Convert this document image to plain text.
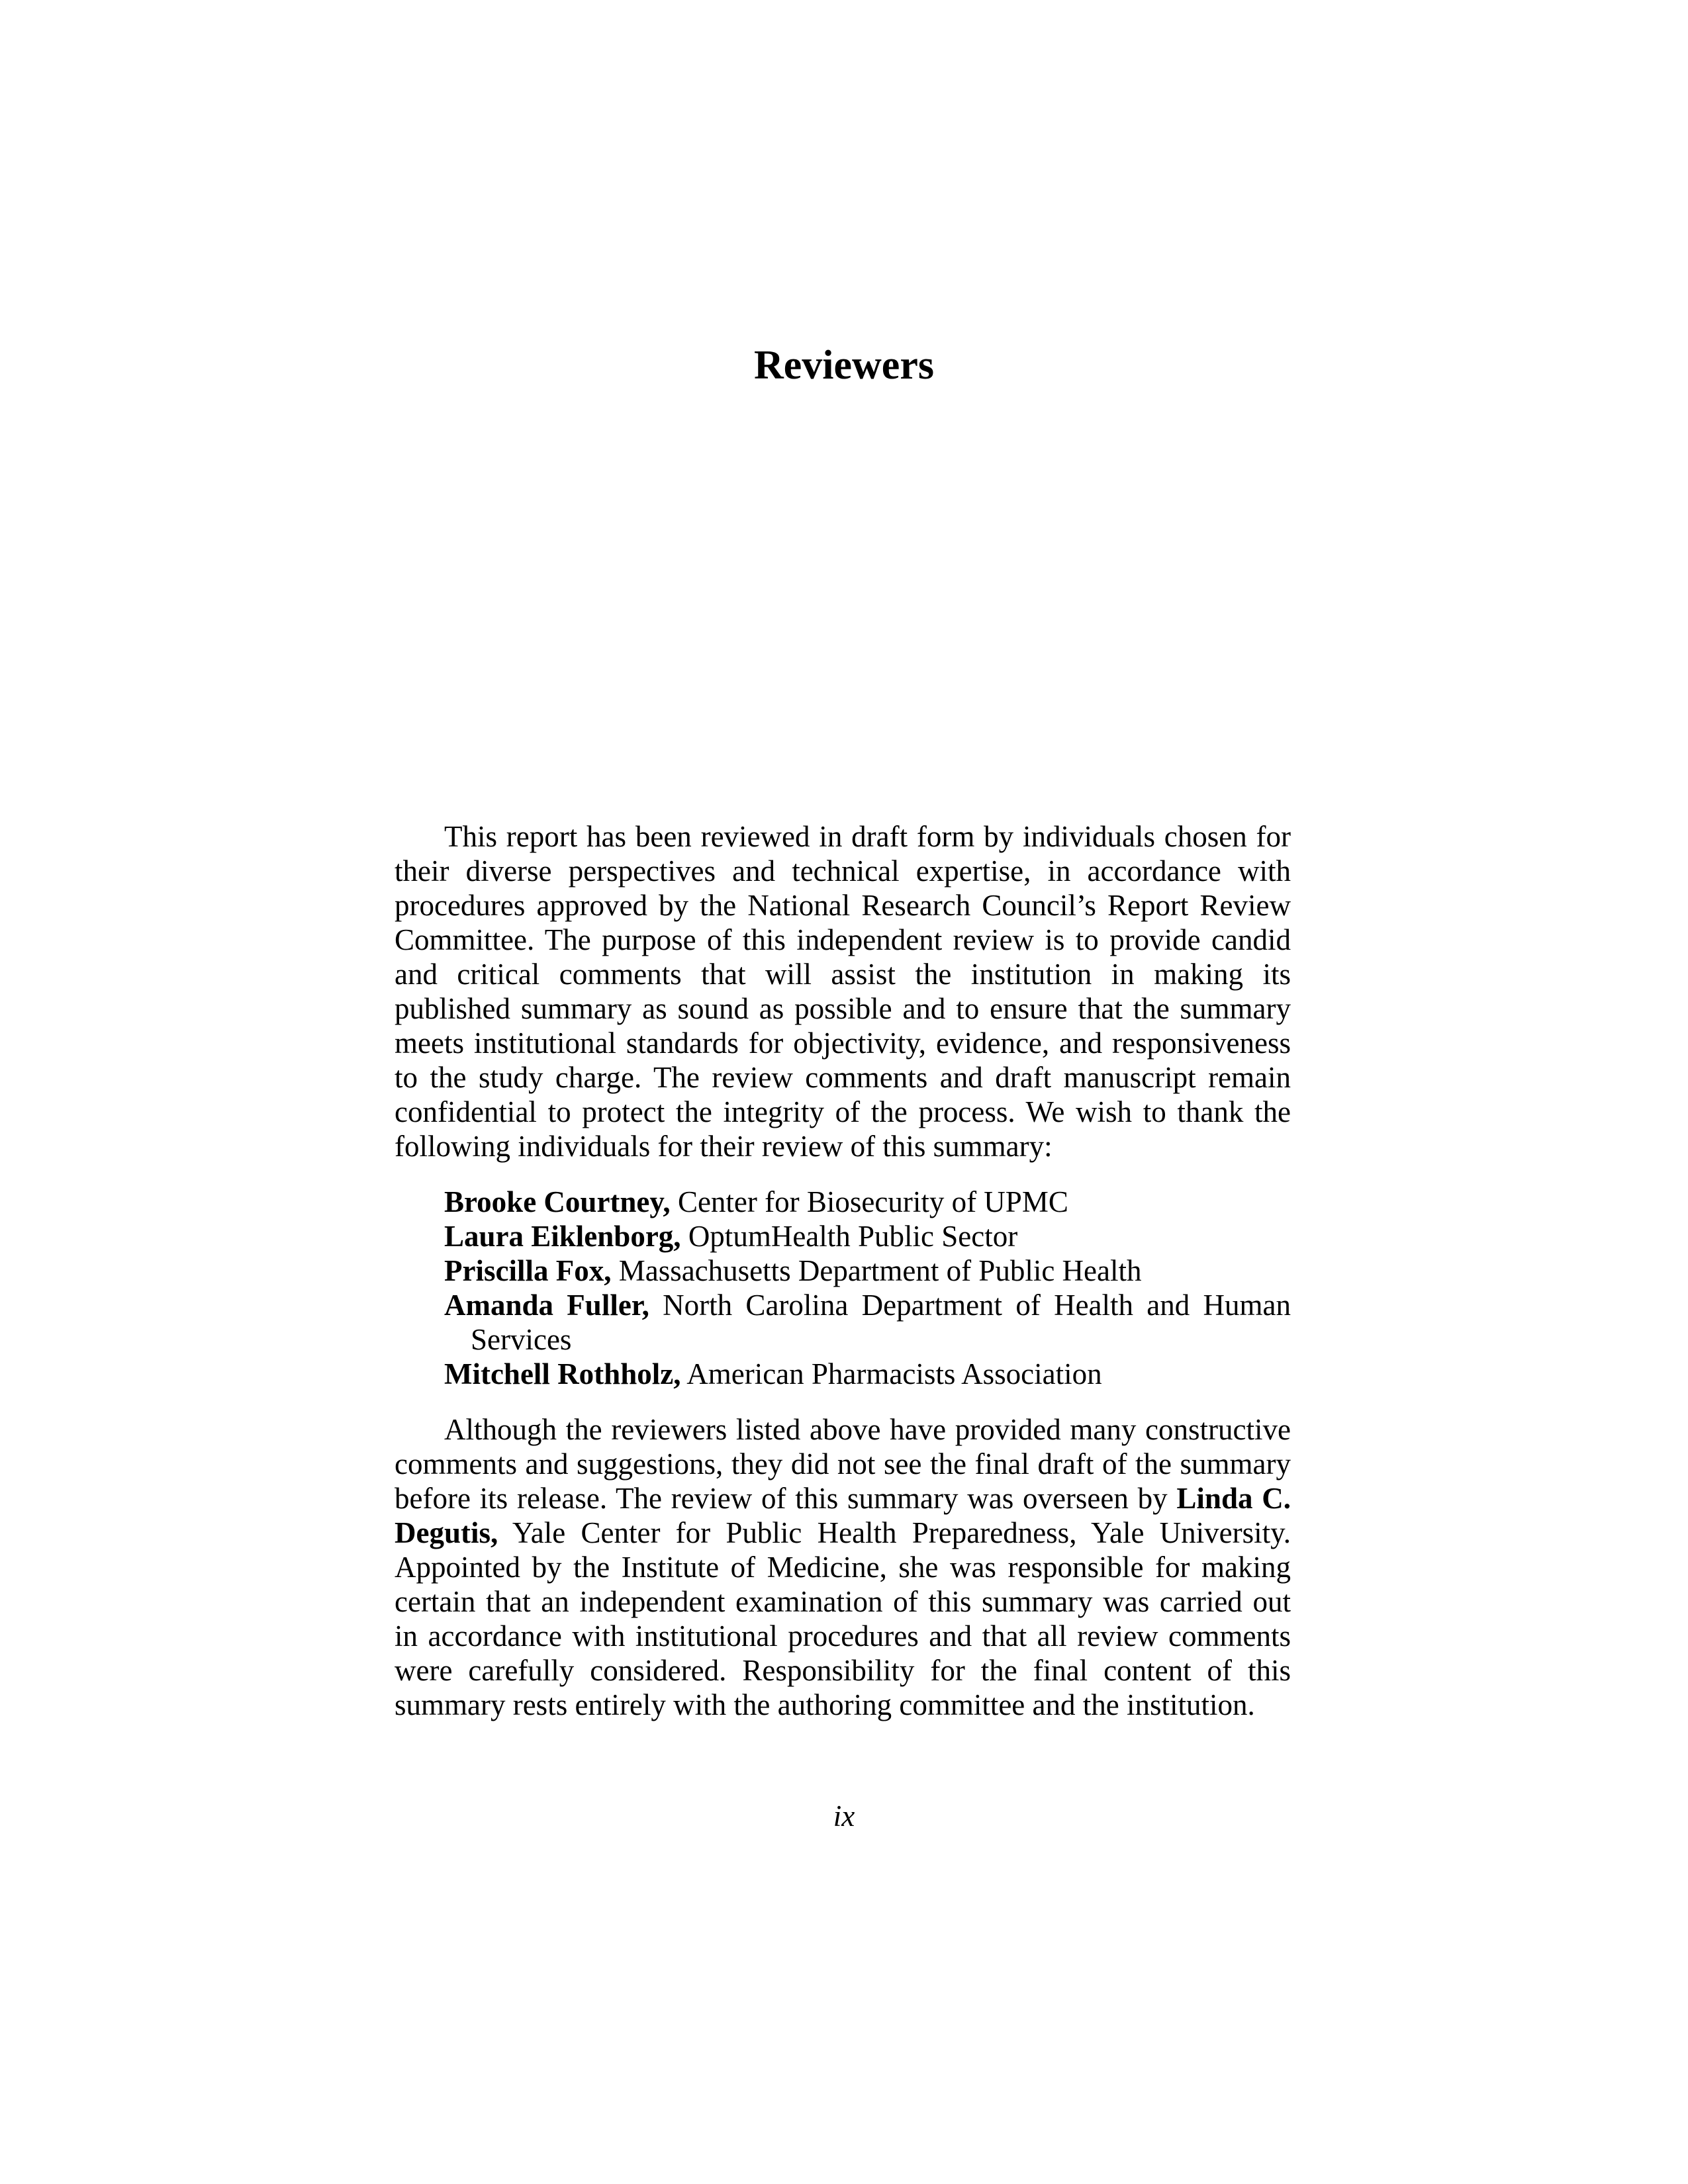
Reviewers

This report has been reviewed in draft form by individuals chosen for their diverse perspectives and technical expertise, in accordance with procedures approved by the National Research Council’s Report Review Committee. The purpose of this independent review is to provide candid and critical comments that will assist the institution in making its published summary as sound as possible and to ensure that the summary meets institutional standards for objectivity, evidence, and responsiveness to the study charge. The review comments and draft manuscript remain confidential to protect the integrity of the process. We wish to thank the following individuals for their review of this summary:

Brooke Courtney, Center for Biosecurity of UPMC
Laura Eiklenborg, OptumHealth Public Sector
Priscilla Fox, Massachusetts Department of Public Health
Amanda Fuller, North Carolina Department of Health and Human Services
Mitchell Rothholz, American Pharmacists Association

Although the reviewers listed above have provided many constructive comments and suggestions, they did not see the final draft of the summary before its release. The review of this summary was overseen by Linda C. Degutis, Yale Center for Public Health Preparedness, Yale University. Appointed by the Institute of Medicine, she was responsible for making certain that an independent examination of this summary was carried out in accordance with institutional procedures and that all review comments were carefully considered. Responsibility for the final content of this summary rests entirely with the authoring committee and the institution.

ix
